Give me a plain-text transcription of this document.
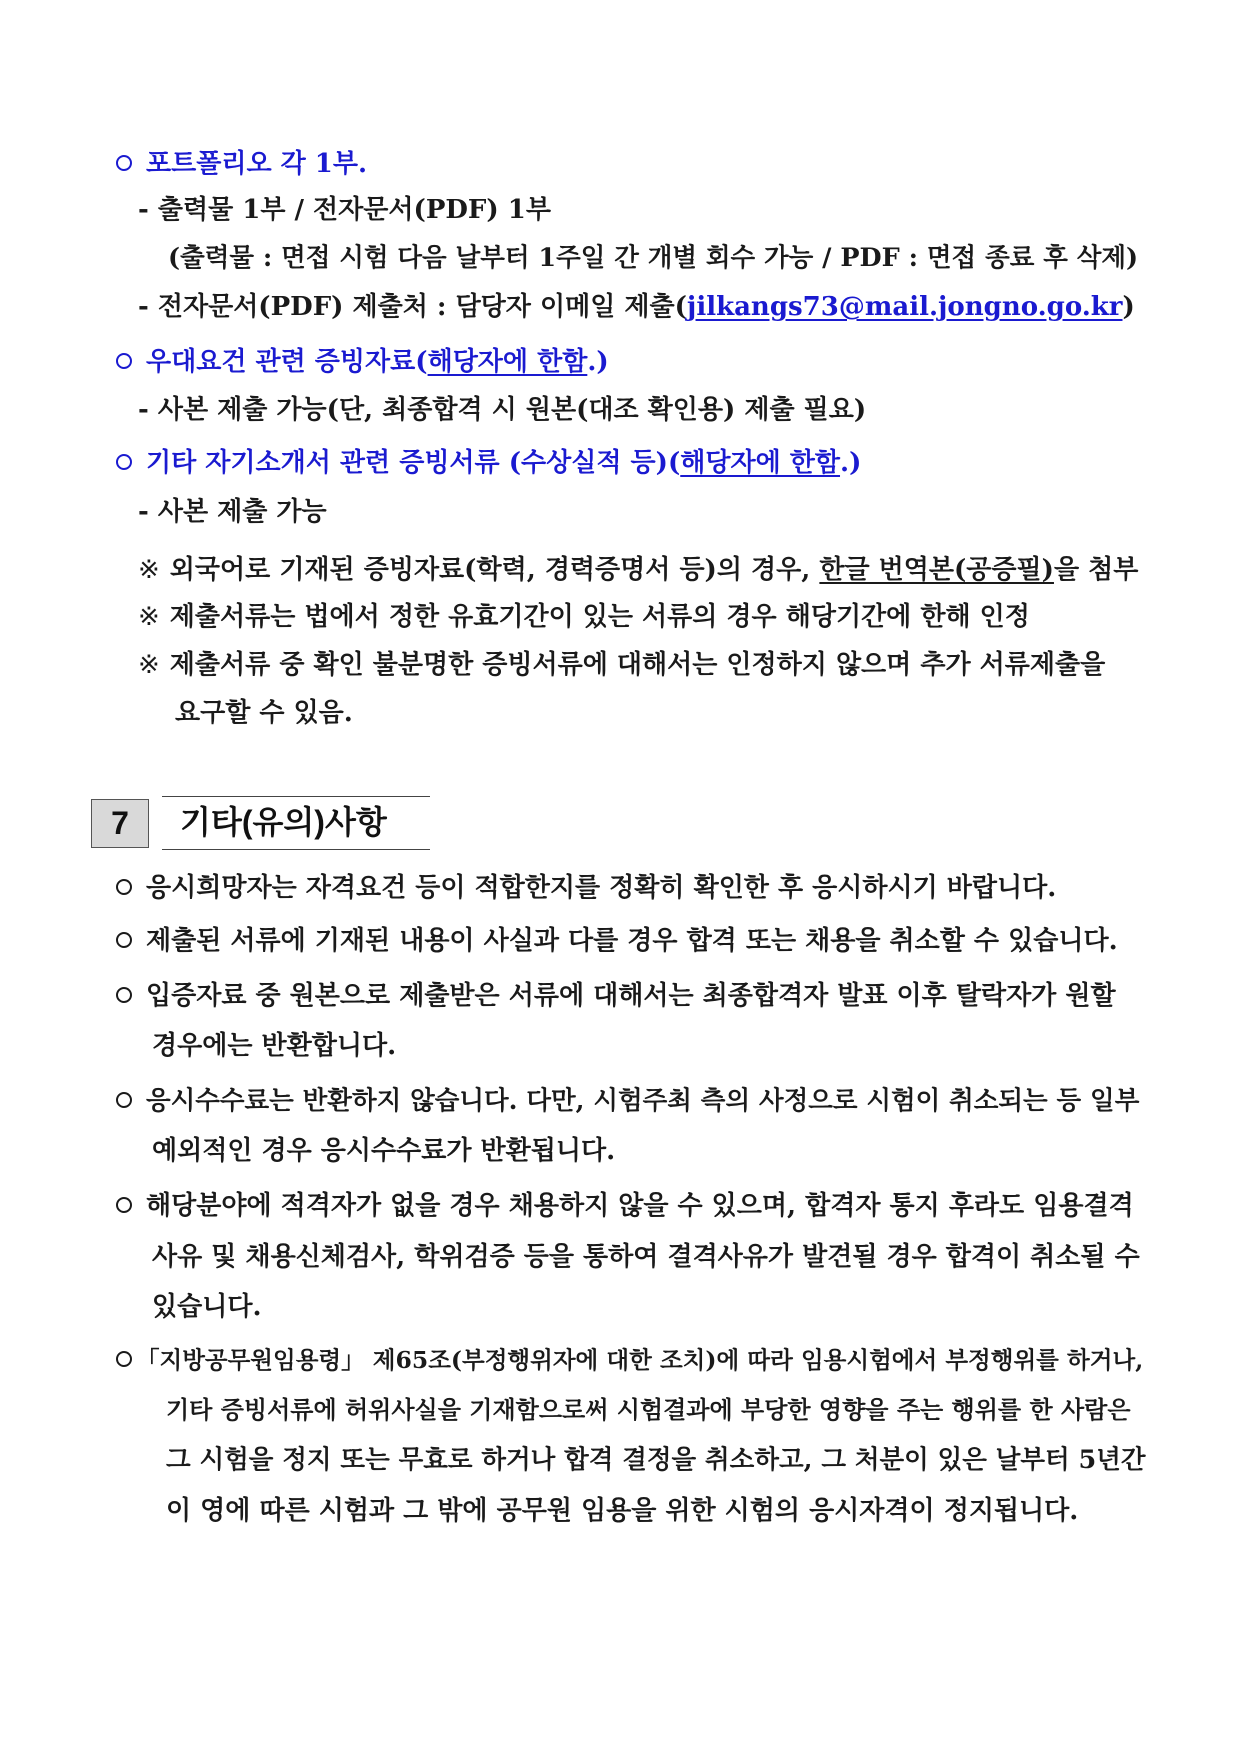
포트폴리오 각 1부.
- 출력물 1부 / 전자문서(PDF) 1부
(출력물 : 면접 시험 다음 날부터 1주일 간 개별 회수 가능 / PDF : 면접 종료 후 삭제)
- 전자문서(PDF) 제출처 : 담당자 이메일 제출(jilkangs73@mail.jongno.go.kr)
우대요건 관련 증빙자료(해당자에 한함.)
- 사본 제출 가능(단, 최종합격 시 원본(대조 확인용) 제출 필요)
기타 자기소개서 관련 증빙서류 (수상실적 등)(해당자에 한함.)
- 사본 제출 가능
※ 외국어로 기재된 증빙자료(학력, 경력증명서 등)의 경우, 한글 번역본(공증필)을 첨부
※ 제출서류는 법에서 정한 유효기간이 있는 서류의 경우 해당기간에 한해 인정
※ 제출서류 중 확인 불분명한 증빙서류에 대해서는 인정하지 않으며 추가 서류제출을
요구할 수 있음.
7	기타(유의)사항
응시희망자는 자격요건 등이 적합한지를 정확히 확인한 후 응시하시기 바랍니다.
제출된 서류에 기재된 내용이 사실과 다를 경우 합격 또는 채용을 취소할 수 있습니다.
입증자료 중 원본으로 제출받은 서류에 대해서는 최종합격자 발표 이후 탈락자가 원할
경우에는 반환합니다.
응시수수료는 반환하지 않습니다. 다만, 시험주최 측의 사정으로 시험이 취소되는 등 일부
예외적인 경우 응시수수료가 반환됩니다.
해당분야에 적격자가 없을 경우 채용하지 않을 수 있으며, 합격자 통지 후라도 임용결격
사유 및 채용신체검사, 학위검증 등을 통하여 결격사유가 발견될 경우 합격이 취소될 수
있습니다.
「지방공무원임용령」 제65조(부정행위자에 대한 조치)에 따라 임용시험에서 부정행위를 하거나,
기타 증빙서류에 허위사실을 기재함으로써 시험결과에 부당한 영향을 주는 행위를 한 사람은
그 시험을 정지 또는 무효로 하거나 합격 결정을 취소하고, 그 처분이 있은 날부터 5년간
이 영에 따른 시험과 그 밖에 공무원 임용을 위한 시험의 응시자격이 정지됩니다.
